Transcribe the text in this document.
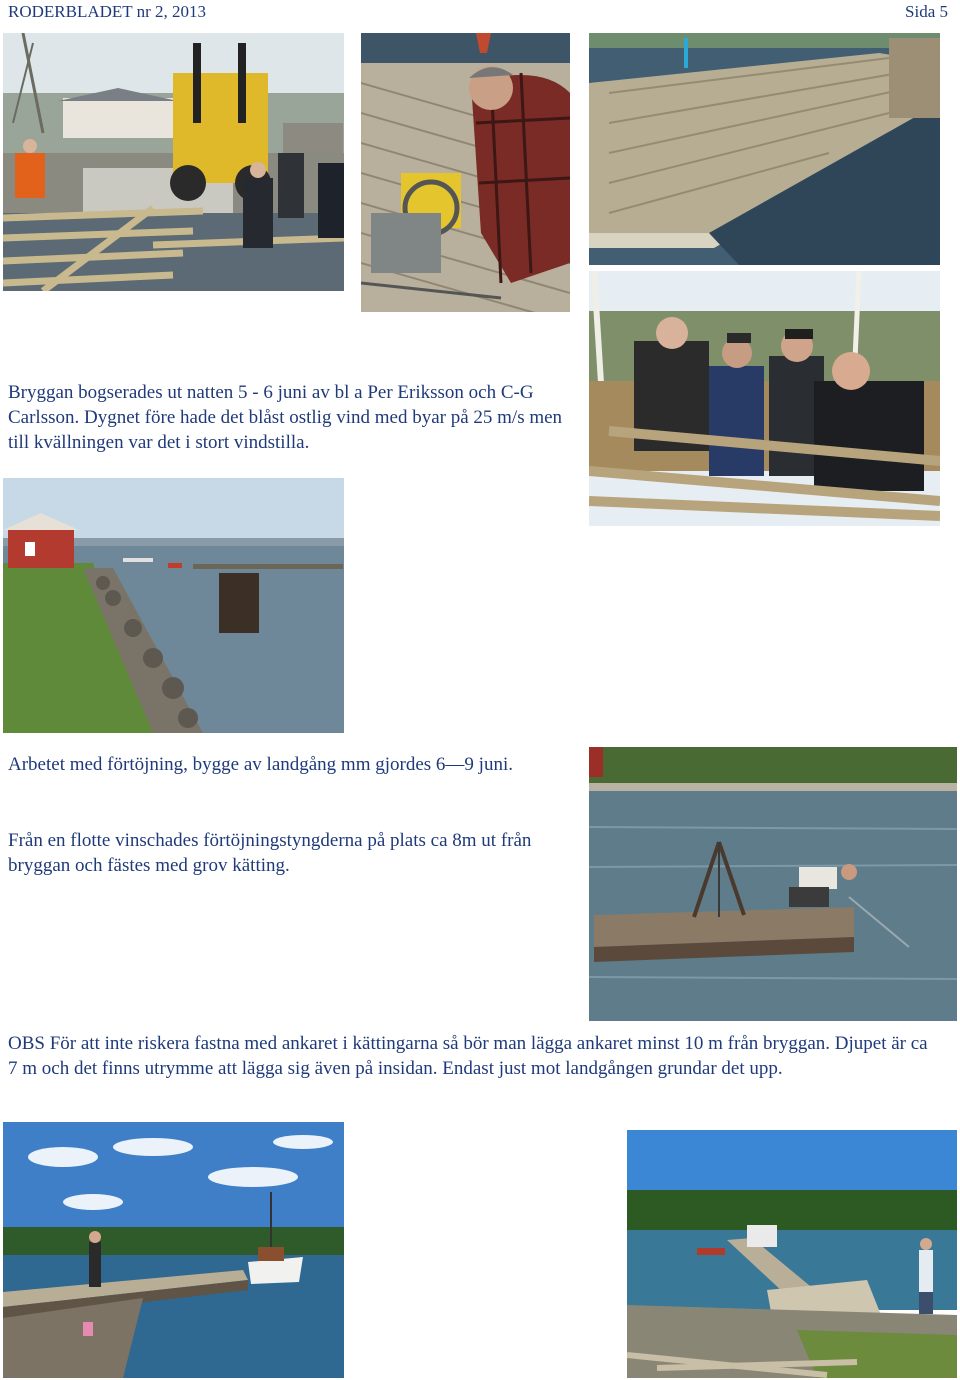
RODERBLADET nr 2, 2013	Sida 5

Bryggan bogserades ut natten 5 - 6 juni av bl a Per Eriksson och C-G Carlsson. Dygnet före hade det blåst ostlig vind med byar på 25 m/s men till kvällningen var det i stort vindstilla.

Arbetet med förtöjning, bygge av landgång mm gjordes 6—9 juni.

Från en flotte vinschades förtöjningstyngderna på plats ca 8m ut från bryggan och fästes med grov kätting.

OBS För att inte riskera fastna med ankaret i kättingarna så bör man lägga ankaret minst 10 m från bryggan. Djupet är ca 7 m och det finns utrymme att lägga sig även på insidan. Endast just mot landgången grundar det upp.
